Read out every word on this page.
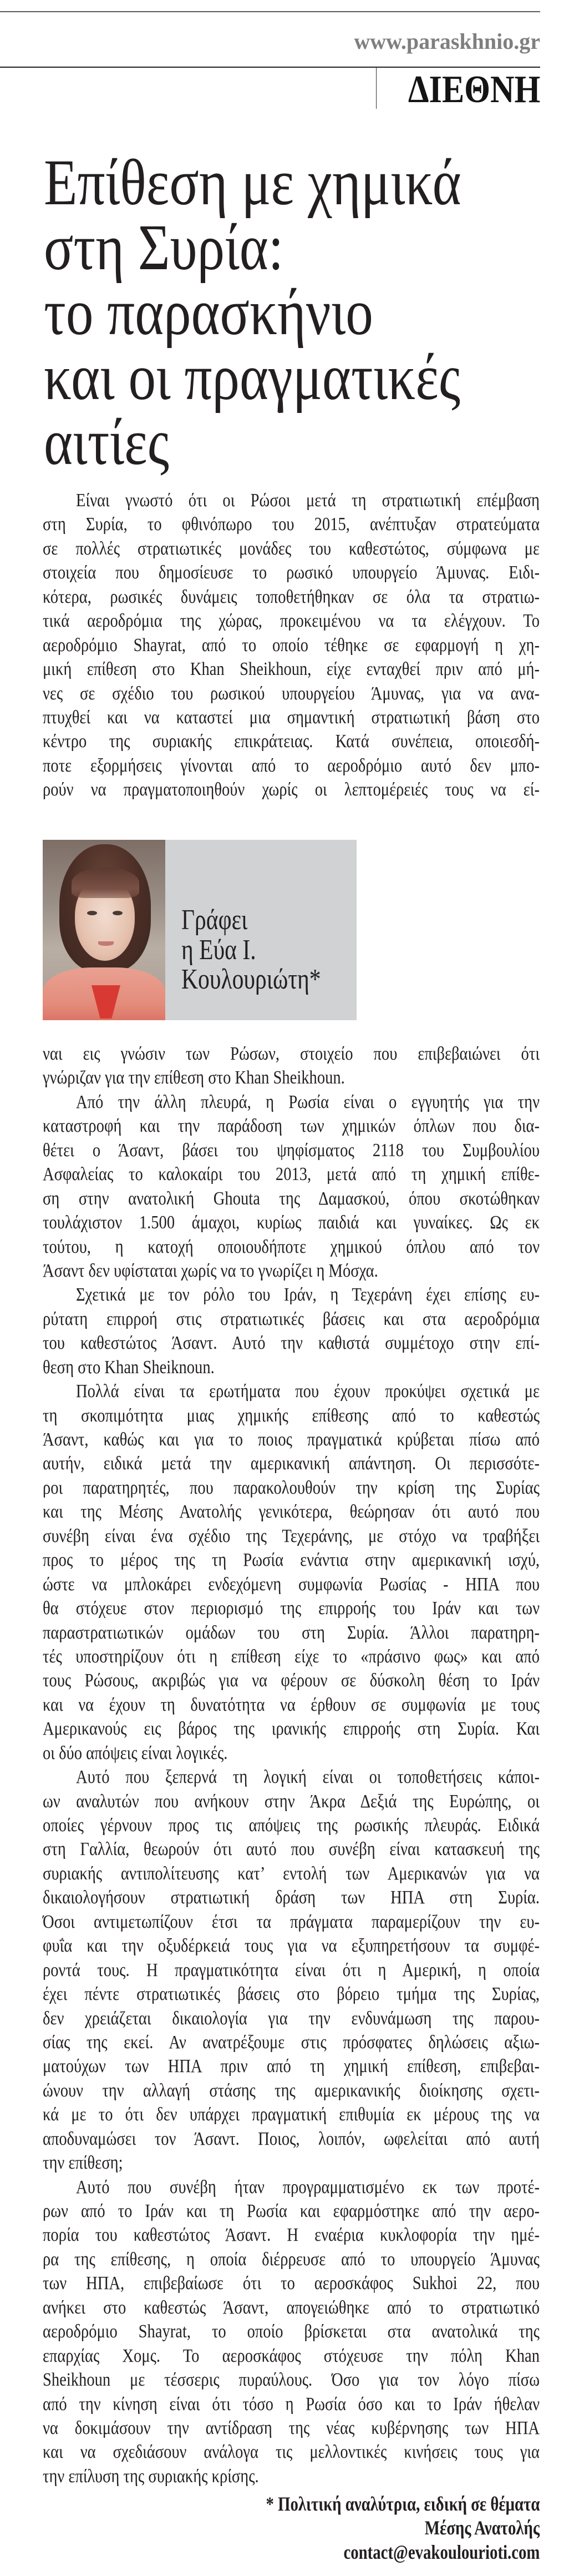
www.paraskhnio.gr
ΔΙΕΘΝΗ
Επίθεση με χημικά
στη Συρία:
το παρασκήνιο
και οι πραγματικές
αιτίες
Είναι γνωστό ότι οι Ρώσοι μετά τη στρατιωτική επέμβαση
στη Συρία, το φθινόπωρο του 2015, ανέπτυξαν στρατεύματα
σε πολλές στρατιωτικές μονάδες του καθεστώτος, σύμφωνα με
στοιχεία που δημοσίευσε το ρωσικό υπουργείο Άμυνας. Ειδι-
κότερα, ρωσικές δυνάμεις τοποθετήθηκαν σε όλα τα στρατιω-
τικά αεροδρόμια της χώρας, προκειμένου να τα ελέγχουν. Το
αεροδρόμιο Shayrat, από το οποίο τέθηκε σε εφαρμογή η χη-
μική επίθεση στο Khan Sheikhoun, είχε ενταχθεί πριν από μή-
νες σε σχέδιο του ρωσικού υπουργείου Άμυνας, για να ανα-
πτυχθεί και να καταστεί μια σημαντική στρατιωτική βάση στο
κέντρο της συριακής επικράτειας. Κατά συνέπεια, οποιεσδή-
ποτε εξορμήσεις γίνονται από το αεροδρόμιο αυτό δεν μπο-
ρούν να πραγματοποιηθούν χωρίς οι λεπτομέρειές τους να εί-
Γράφει
η Εύα Ι.
Κουλουριώτη*
ναι εις γνώσιν των Ρώσων, στοιχείο που επιβεβαιώνει ότι
γνώριζαν για την επίθεση στο Khan Sheikhoun.
Από την άλλη πλευρά, η Ρωσία είναι ο εγγυητής για την
καταστροφή και την παράδοση των χημικών όπλων που δια-
θέτει ο Άσαντ, βάσει του ψηφίσματος 2118 του Συμβουλίου
Ασφαλείας το καλοκαίρι του 2013, μετά από τη χημική επίθε-
ση στην ανατολική Ghouta της Δαμασκού, όπου σκοτώθηκαν
τουλάχιστον 1.500 άμαχοι, κυρίως παιδιά και γυναίκες. Ως εκ
τούτου, η κατοχή οποιουδήποτε χημικού όπλου από τον
Άσαντ δεν υφίσταται χωρίς να το γνωρίζει η Μόσχα.
Σχετικά με τον ρόλο του Ιράν, η Τεχεράνη έχει επίσης ευ-
ρύτατη επιρροή στις στρατιωτικές βάσεις και στα αεροδρόμια
του καθεστώτος Άσαντ. Αυτό την καθιστά συμμέτοχο στην επί-
θεση στο Khan Sheiknoun.
Πολλά είναι τα ερωτήματα που έχουν προκύψει σχετικά με
τη σκοπιμότητα μιας χημικής επίθεσης από το καθεστώς
Άσαντ, καθώς και για το ποιος πραγματικά κρύβεται πίσω από
αυτήν, ειδικά μετά την αμερικανική απάντηση. Οι περισσότε-
ροι παρατηρητές, που παρακολουθούν την κρίση της Συρίας
και της Μέσης Ανατολής γενικότερα, θεώρησαν ότι αυτό που
συνέβη είναι ένα σχέδιο της Τεχεράνης, με στόχο να τραβήξει
προς το μέρος της τη Ρωσία ενάντια στην αμερικανική ισχύ,
ώστε να μπλοκάρει ενδεχόμενη συμφωνία Ρωσίας - ΗΠΑ που
θα στόχευε στον περιορισμό της επιρροής του Ιράν και των
παραστρατιωτικών ομάδων του στη Συρία. Άλλοι παρατηρη-
τές υποστηρίζουν ότι η επίθεση είχε το «πράσινο φως» και από
τους Ρώσους, ακριβώς για να φέρουν σε δύσκολη θέση το Ιράν
και να έχουν τη δυνατότητα να έρθουν σε συμφωνία με τους
Αμερικανούς εις βάρος της ιρανικής επιρροής στη Συρία. Και
οι δύο απόψεις είναι λογικές.
Αυτό που ξεπερνά τη λογική είναι οι τοποθετήσεις κάποι-
ων αναλυτών που ανήκουν στην Άκρα Δεξιά της Ευρώπης, οι
οποίες γέρνουν προς τις απόψεις της ρωσικής πλευράς. Ειδικά
στη Γαλλία, θεωρούν ότι αυτό που συνέβη είναι κατασκευή της
συριακής αντιπολίτευσης κατ’ εντολή των Αμερικανών για να
δικαιολογήσουν στρατιωτική δράση των ΗΠΑ στη Συρία.
Όσοι αντιμετωπίζουν έτσι τα πράγματα παραμερίζουν την ευ-
φυΐα και την οξυδέρκειά τους για να εξυπηρετήσουν τα συμφέ-
ροντά τους. Η πραγματικότητα είναι ότι η Αμερική, η οποία
έχει πέντε στρατιωτικές βάσεις στο βόρειο τμήμα της Συρίας,
δεν χρειάζεται δικαιολογία για την ενδυνάμωση της παρου-
σίας της εκεί. Αν ανατρέξουμε στις πρόσφατες δηλώσεις αξιω-
ματούχων των ΗΠΑ πριν από τη χημική επίθεση, επιβεβαι-
ώνουν την αλλαγή στάσης της αμερικανικής διοίκησης σχετι-
κά με το ότι δεν υπάρχει πραγματική επιθυμία εκ μέρους της να
αποδυναμώσει τον Άσαντ. Ποιος, λοιπόν, ωφελείται από αυτή
την επίθεση;
Αυτό που συνέβη ήταν προγραμματισμένο εκ των προτέ-
ρων από το Ιράν και τη Ρωσία και εφαρμόστηκε από την αερο-
πορία του καθεστώτος Άσαντ. Η εναέρια κυκλοφορία την ημέ-
ρα της επίθεσης, η οποία διέρρευσε από το υπουργείο Άμυνας
των ΗΠΑ, επιβεβαίωσε ότι το αεροσκάφος Sukhoi 22, που
ανήκει στο καθεστώς Άσαντ, απογειώθηκε από το στρατιωτικό
αεροδρόμιο Shayrat, το οποίο βρίσκεται στα ανατολικά της
επαρχίας Χομς. Το αεροσκάφος στόχευσε την πόλη Khan
Sheikhoun με τέσσερις πυραύλους. Όσο για τον λόγο πίσω
από την κίνηση είναι ότι τόσο η Ρωσία όσο και το Ιράν ήθελαν
να δοκιμάσουν την αντίδραση της νέας κυβέρνησης των ΗΠΑ
και να σχεδιάσουν ανάλογα τις μελλοντικές κινήσεις τους για
την επίλυση της συριακής κρίσης.
* Πολιτική αναλύτρια, ειδική σε θέματα
Μέσης Ανατολής
contact@evakoulourioti.com
